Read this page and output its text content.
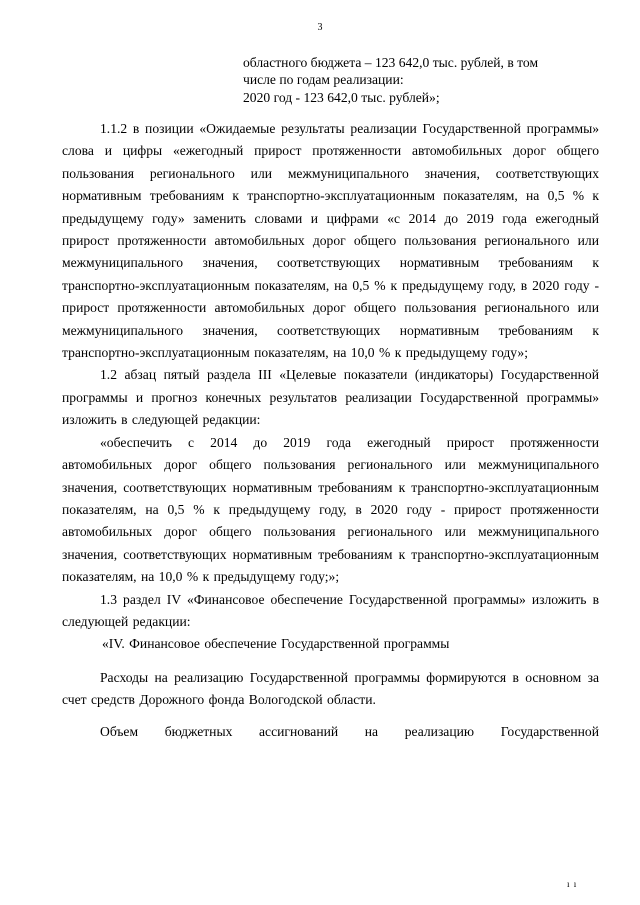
3
областного бюджета – 123 642,0 тыс. рублей, в том
числе по годам реализации:
2020 год - 123 642,0 тыс. рублей»;

1.1.2 в позиции «Ожидаемые результаты реализации Государственной программы» слова и цифры «ежегодный прирост протяженности автомобильных дорог общего пользования регионального или межмуниципального значения, соответствующих нормативным требованиям к транспортно-эксплуатационным показателям, на 0,5 % к предыдущему году» заменить словами и цифрами «с 2014 до 2019 года ежегодный прирост протяженности автомобильных дорог общего пользования регионального или межмуниципального значения, соответствующих нормативным требованиям к транспортно-эксплуатационным показателям, на 0,5 % к предыдущему году, в 2020 году - прирост протяженности автомобильных дорог общего пользования регионального или межмуниципального значения, соответствующих нормативным требованиям к транспортно-эксплуатационным показателям, на 10,0 % к предыдущему году»;

1.2 абзац пятый раздела III «Целевые показатели (индикаторы) Государственной программы и прогноз конечных результатов реализации Государственной программы» изложить в следующей редакции:

«обеспечить с 2014 до 2019 года ежегодный прирост протяженности автомобильных дорог общего пользования регионального или межмуниципального значения, соответствующих нормативным требованиям к транспортно-эксплуатационным показателям, на 0,5 % к предыдущему году, в 2020 году - прирост протяженности автомобильных дорог общего пользования регионального или межмуниципального значения, соответствующих нормативным требованиям к транспортно-эксплуатационным показателям, на 10,0 % к предыдущему году;»;

1.3 раздел IV «Финансовое обеспечение Государственной программы» изложить в следующей редакции:

«IV. Финансовое обеспечение Государственной программы

Расходы на реализацию Государственной программы формируются в основном за счет средств Дорожного фонда Вологодской области.

Объем бюджетных ассигнований на реализацию Государственной

ı ı
